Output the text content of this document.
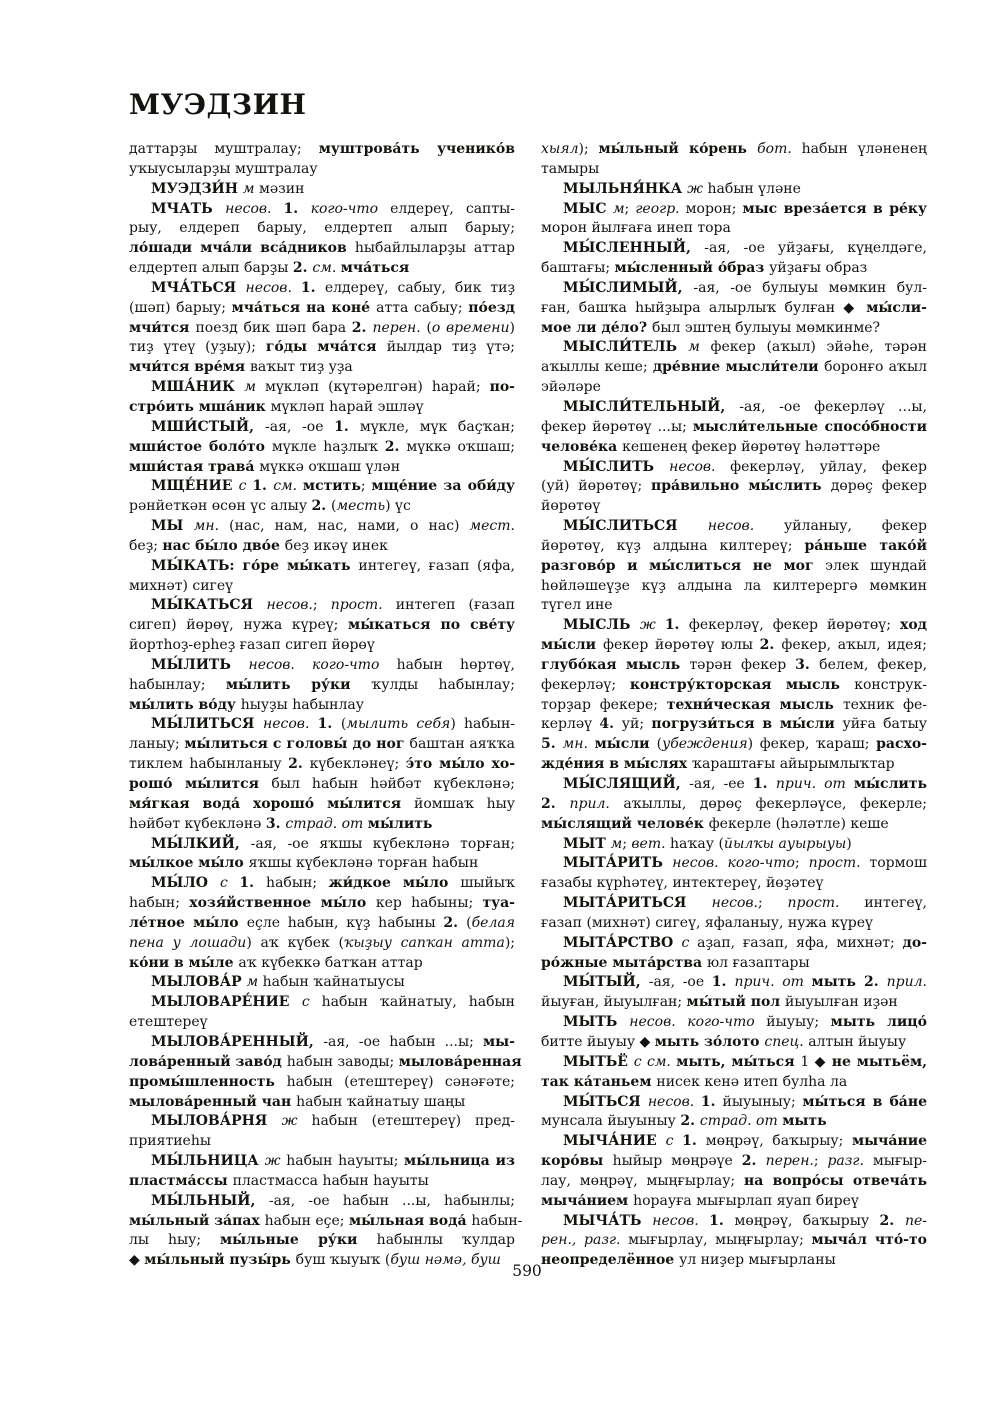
МУЭДЗИН
даттарҙы муштралау; муштрова́ть ученико́в
уҡыусыларҙы муштралау
МУЭДЗИ́Н м мәзин
МЧАТЬ несов. 1. кого-что елдереү, сапты-
рыу, елдереп барыу, елдертеп алып барыу;
ло́шади мча́ли вса́дников һыбайлыларҙы аттар
елдертеп алып барҙы 2. см. мча́ться
МЧА́ТЬСЯ несов. 1. елдереү, сабыу, бик тиҙ
(шәп) барыу; мча́ться на коне́ атта сабыу; по́езд
мчи́тся поезд бик шәп бара 2. перен. (о времени)
тиҙ үтеү (уҙыу); го́ды мча́тся йылдар тиҙ үтә;
мчи́тся вре́мя ваҡыт тиҙ уҙа
МША́НИК м мүкләп (күтәрелгән) һарай; по-
стро́ить мша́ник мүкләп һарай эшләү
МШИ́СТЫЙ, -ая, -ое 1. мүкле, мүк баҫҡан;
мши́стое боло́то мүкле һаҙлыҡ 2. мүккә оҡшаш;
мши́стая трава́ мүккә оҡшаш үлән
МЩЕ́НИЕ с 1. см. мстить; мще́ние за оби́ду
рәнйеткән өсөн үс алыу 2. (месть) үс
МЫ мн. (нас, нам, нас, нами, о нас) мест.
беҙ; нас бы́ло дво́е беҙ икәү инек
МЫ́КАТЬ: го́ре мы́кать интегеү, ғазап (яфа,
михнәт) сигеү
МЫ́КАТЬСЯ несов.; прост. интегеп (ғазап
сигеп) йөрөү, нужа күреү; мы́каться по све́ту
йортһоҙ-ерһеҙ ғазап сигеп йөрөү
МЫ́ЛИТЬ несов. кого-что һабын һөртөү,
һабынлау; мы́лить ру́ки ҡулды һабынлау;
мы́лить во́ду һыуҙы һабынлау
МЫ́ЛИТЬСЯ несов. 1. (мылить себя) һабын-
ланыу; мы́литься с головы́ до ног баштан аяҡҡа
тиклем һабынланыу 2. күбекләнеү; э́то мы́ло хо-
рошо́ мы́лится был һабын һәйбәт күбекләнә;
мя́гкая вода́ хорошо́ мы́лится йомшаҡ һыу
һәйбәт күбекләнә 3. страд. от мы́лить
МЫ́ЛКИЙ, -ая, -ое яҡшы күбекләнә торған;
мы́лкое мы́ло яҡшы күбекләнә торған һабын
МЫ́ЛО с 1. һабын; жи́дкое мы́ло шыйыҡ
һабын; хозя́йственное мы́ло кер һабыны; туа-
ле́тное мы́ло еҫле һабын, күҙ һабыны 2. (белая
пена у лошади) аҡ күбек (ҡыҙыу сапҡан атта);
ко́ни в мы́ле аҡ күбеккә батҡан аттар
МЫЛОВА́Р м һабын ҡайнатыусы
МЫЛОВАРЕ́НИЕ с һабын ҡайнатыу, һабын
етештереү
МЫЛОВА́РЕННЫЙ, -ая, -ое һабын ...ы; мы-
лова́ренный заво́д һабын заводы; мылова́ренная
промы́шленность һабын (етештереү) сәнәғәте;
мылова́ренный чан һабын ҡайнатыу шаңы
МЫЛОВА́РНЯ ж һабын (етештереү) пред-
приятиеһы
МЫ́ЛЬНИЦА ж һабын һауыты; мы́льница из
пластма́ссы пластмасса һабын һауыты
МЫ́ЛЬНЫЙ, -ая, -ое һабын ...ы, һабынлы;
мы́льный за́пах һабын еҫе; мы́льная вода́ һабын-
лы һыу; мы́льные ру́ки һабынлы ҡулдар
◆ мы́льный пузы́рь буш ҡыуыҡ (буш нәмә, буш
хыял); мы́льный ко́рень бот. һабын үләненең
тамыры
МЫЛЬНЯ́НКА ж һабын үләне
МЫС м; геогр. морон; мыс вреза́ется в ре́ку
морон йылғаға инеп тора
МЫ́СЛЕННЫЙ, -ая, -ое уйҙағы, күңелдәге,
баштағы; мы́сленный о́браз уйҙағы образ
МЫ́СЛИМЫЙ, -ая, -ое булыуы мөмкин бул-
ған, башҡа һыйҙыра алырлыҡ булған ◆ мы́сли-
мое ли де́ло? был эштең булыуы мөмкинме?
МЫСЛИ́ТЕЛЬ м фекер (аҡыл) эйәһе, тәрән
аҡыллы кеше; дре́вние мысли́тели боронғо аҡыл
эйәләре
МЫСЛИ́ТЕЛЬНЫЙ, -ая, -ое фекерләү ...ы,
фекер йөрөтөү ...ы; мысли́тельные спосо́бности
челове́ка кешенең фекер йөрөтөү һәләттәре
МЫ́СЛИТЬ несов. фекерләү, уйлау, фекер
(уй) йөрөтөү; пра́вильно мы́слить дөрөҫ фекер
йөрөтөү
МЫ́СЛИТЬСЯ несов. уйланыу, фекер
йөрөтөү, күҙ алдына килтереү; ра́ньше тако́й
разгово́р и мы́слиться не мог элек шундай
һөйләшеүҙе күҙ алдына ла килтерергә мөмкин
түгел ине
МЫСЛЬ ж 1. фекерләү, фекер йөрөтөү; ход
мы́сли фекер йөрөтөү юлы 2. фекер, аҡыл, идея;
глубо́кая мысль тәрән фекер 3. белем, фекер,
фекерләү; констру́кторская мысль конструк-
торҙар фекере; техни́ческая мысль техник фе-
керләү 4. уй; погрузи́ться в мы́сли уйға батыу
5. мн. мы́сли (убеждения) фекер, ҡараш; расхо-
жде́ния в мы́слях ҡараштағы айырымлыҡтар
МЫ́СЛЯЩИЙ, -ая, -ее 1. прич. от мы́слить
2. прил. аҡыллы, дөрөҫ фекерләүсе, фекерле;
мы́слящий челове́к фекерле (һәләтле) кеше
МЫТ м; вет. һаҡау (йылҡы ауырыуы)
МЫТА́РИТЬ несов. кого-что; прост. тормош
ғазабы күрһәтеү, интектереү, йөҙәтеү
МЫТА́РИТЬСЯ несов.; прост. интегеү,
ғазап (михнәт) сигеү, яфаланыу, нужа күреү
МЫТА́РСТВО с аҙап, ғазап, яфа, михнәт; до-
ро́жные мыта́рства юл ғазаптары
МЫ́ТЫЙ, -ая, -ое 1. прич. от мыть 2. прил.
йыуған, йыуылған; мы́тый пол йыуылған иҙән
МЫТЬ несов. кого-что йыуыу; мыть лицо́
битте йыуыу ◆ мыть зо́лото спец. алтын йыуыу
МЫТЬЁ с см. мыть, мы́ться 1 ◆ не мытьём,
так ка́таньем нисек кенә итеп булһа ла
МЫ́ТЬСЯ несов. 1. йыуыныу; мы́ться в ба́не
мунсала йыуыныу 2. страд. от мыть
МЫЧА́НИЕ с 1. мөңрәү, баҡырыу; мыча́ние
коро́вы һыйыр мөңрәүе 2. перен.; разг. мығыр-
лау, мөңрәү, мыңғырлау; на вопро́сы отвеча́ть
мыча́нием һорауға мығырлап яуап биреү
МЫЧА́ТЬ несов. 1. мөңрәү, баҡырыу 2. пе-
рен., разг. мығырлау, мыңғырлау; мыча́л что́-то
неопределённое ул ниҙер мығырланы
590
